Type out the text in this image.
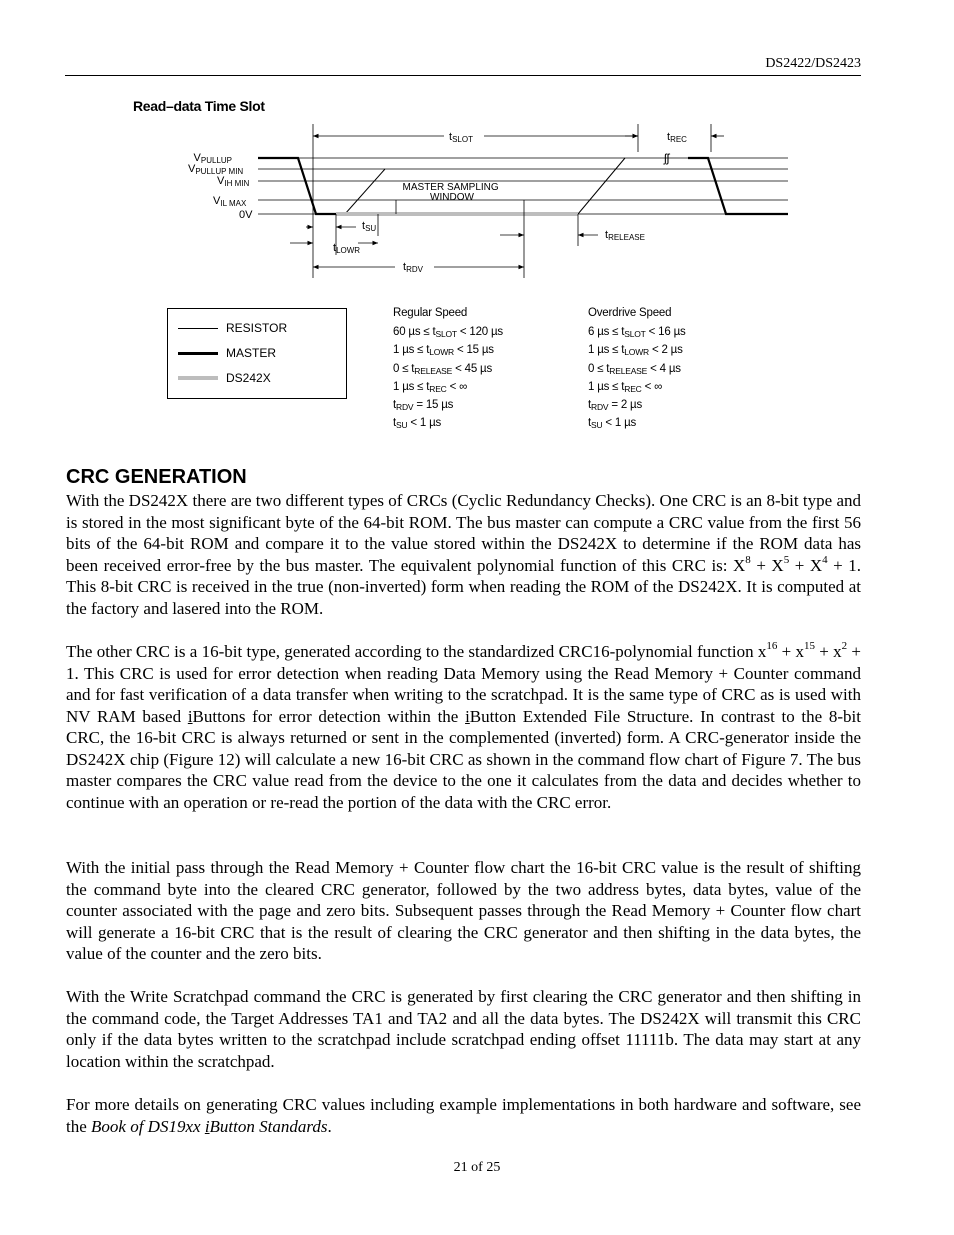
DS2422/DS2423
Read–data Time Slot
VPULLUP
VPULLUP MIN
VIH MIN
VIL MAX
0V
MASTER SAMPLING WINDOW
tSLOT	tREC
ʃʃ
tSU
tLOWR
tRELEASE
tRDV
RESISTOR
MASTER
DS242X
Regular Speed
60 $\mu s \le t_{SLOT} < 120$ µs
1 $\mu s \le t_{LOWR} < 15$ µs
$0 \le t_{RELEASE} < 45$ µs
1 $\mu s \le t_{REC}$ < ∞
$t_{RDV} = 15$ µs
$t_{SU} < 1$ µs
Overdrive Speed
6 $\mu s \le t_{SLOT} < 16$ µs
1 $\mu s \le t_{LOWR} < 2$ µs
$0 \le t_{RELEASE} < 4$ µs
1 $\mu s \le t_{REC}$ < ∞
$t_{RDV} = 2$ µs
$t_{SU} < 1$ µs
CRC GENERATION
With the DS242X there are two different types of CRCs (Cyclic Redundancy Checks). One CRC is an 8-bit type and is stored in the most significant byte of the 64-bit ROM. The bus master can compute a CRC value from the first 56 bits of the 64-bit ROM and compare it to the value stored within the DS242X to determine if the ROM data has been received error-free by the bus master. The equivalent polynomial function of this CRC is: $X^8 + X^5 + X^4 + 1$. This 8-bit CRC is received in the true (non-inverted) form when reading the ROM of the DS242X. It is computed at the factory and lasered into the ROM.
The other CRC is a 16-bit type, generated according to the standardized CRC16-polynomial function $x^{16} + x^{15} + x^2 + 1$. This CRC is used for error detection when reading Data Memory using the Read Memory + Counter command and for fast verification of a data transfer when writing to the scratchpad. It is the same type of CRC as is used with NV RAM based iButtons for error detection within the iButton Extended File Structure. In contrast to the 8-bit CRC, the 16-bit CRC is always returned or sent in the complemented (inverted) form. A CRC-generator inside the DS242X chip (Figure 12) will calculate a new 16-bit CRC as shown in the command flow chart of Figure 7. The bus master compares the CRC value read from the device to the one it calculates from the data and decides whether to continue with an operation or re-read the portion of the data with the CRC error.
With the initial pass through the Read Memory + Counter flow chart the 16-bit CRC value is the result of shifting the command byte into the cleared CRC generator, followed by the two address bytes, data bytes, value of the counter associated with the page and zero bits. Subsequent passes through the Read Memory + Counter flow chart will generate a 16-bit CRC that is the result of clearing the CRC generator and then shifting in the data bytes, the value of the counter and the zero bits.
With the Write Scratchpad command the CRC is generated by first clearing the CRC generator and then shifting in the command code, the Target Addresses TA1 and TA2 and all the data bytes. The DS242X will transmit this CRC only if the data bytes written to the scratchpad include scratchpad ending offset 11111b. The data may start at any location within the scratchpad.
For more details on generating CRC values including example implementations in both hardware and software, see the Book of DS19xx iButton Standards.
21 of 25
